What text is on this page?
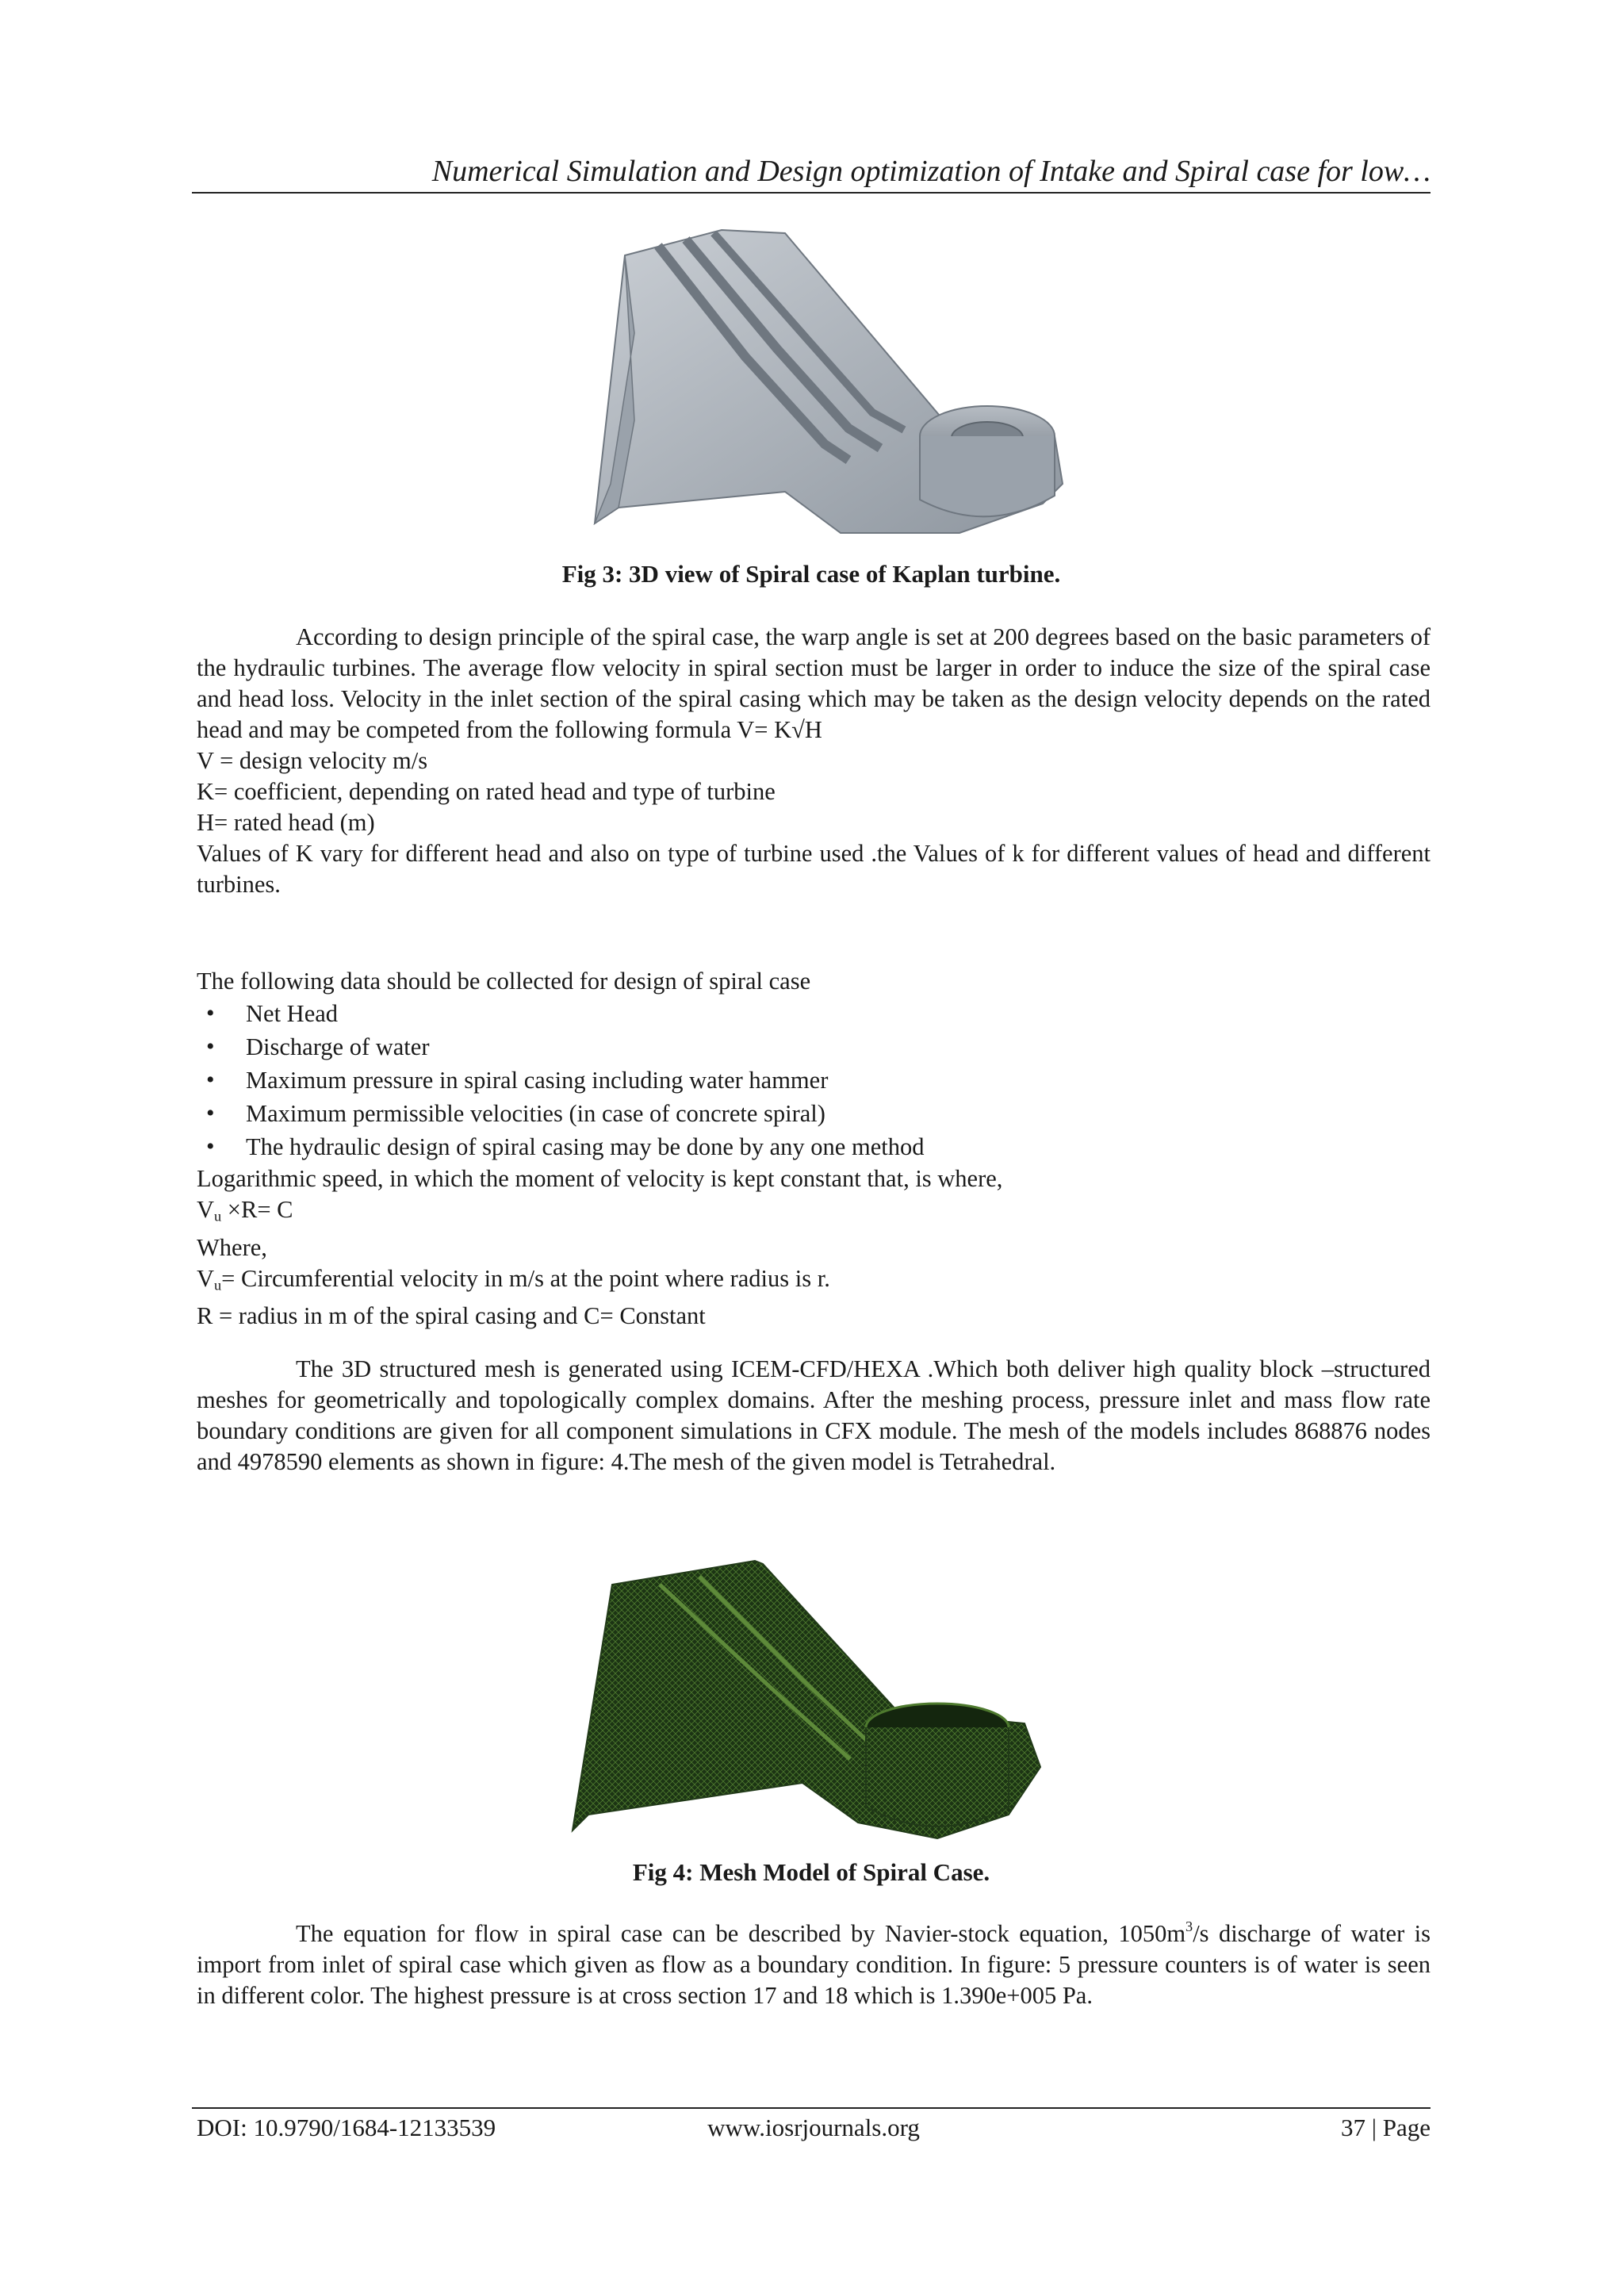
Numerical Simulation and Design optimization of Intake and Spiral case for low…
Fig 3: 3D view of Spiral case of Kaplan turbine.

According to design principle of the spiral case, the warp angle is set at 200 degrees based on the basic parameters of the hydraulic turbines. The average flow velocity in spiral section must be larger in order to induce the size of the spiral case and head loss. Velocity in the inlet section of the spiral casing which may be taken as the design velocity depends on the rated head and may be competed from the following formula V= K√H

V = design velocity m/s
K= coefficient, depending on rated head and type of turbine
H= rated head (m)

Values of K vary for different head and also on type of turbine used .the Values of k for different values of head and different turbines.

The following data should be collected for design of spiral case
• Net Head
• Discharge of water
• Maximum pressure in spiral casing including water hammer
• Maximum permissible velocities (in case of concrete spiral)
• The hydraulic design of spiral casing may be done by any one method
Logarithmic speed, in which the moment of velocity is kept constant that, is where,
$V_u \times R= C$
Where,
$V_u=$ Circumferential velocity in m/s at the point where radius is r.
R = radius in m of the spiral casing and C= Constant

The 3D structured mesh is generated using ICEM-CFD/HEXA .Which both deliver high quality block –structured meshes for geometrically and topologically complex domains. After the meshing process, pressure inlet and mass flow rate boundary conditions are given for all component simulations in CFX module. The mesh of the models includes 868876 nodes and 4978590 elements as shown in figure: 4.The mesh of the given model is Tetrahedral.

Fig 4: Mesh Model of Spiral Case.

The equation for flow in spiral case can be described by Navier-stock equation, $1050m^3/s$ discharge of water is import from inlet of spiral case which given as flow as a boundary condition. In figure: 5 pressure counters is of water is seen in different color. The highest pressure is at cross section 17 and 18 which is 1.390e+005 Pa.

DOI: 10.9790/1684-12133539	www.iosrjournals.org	37 | Page
